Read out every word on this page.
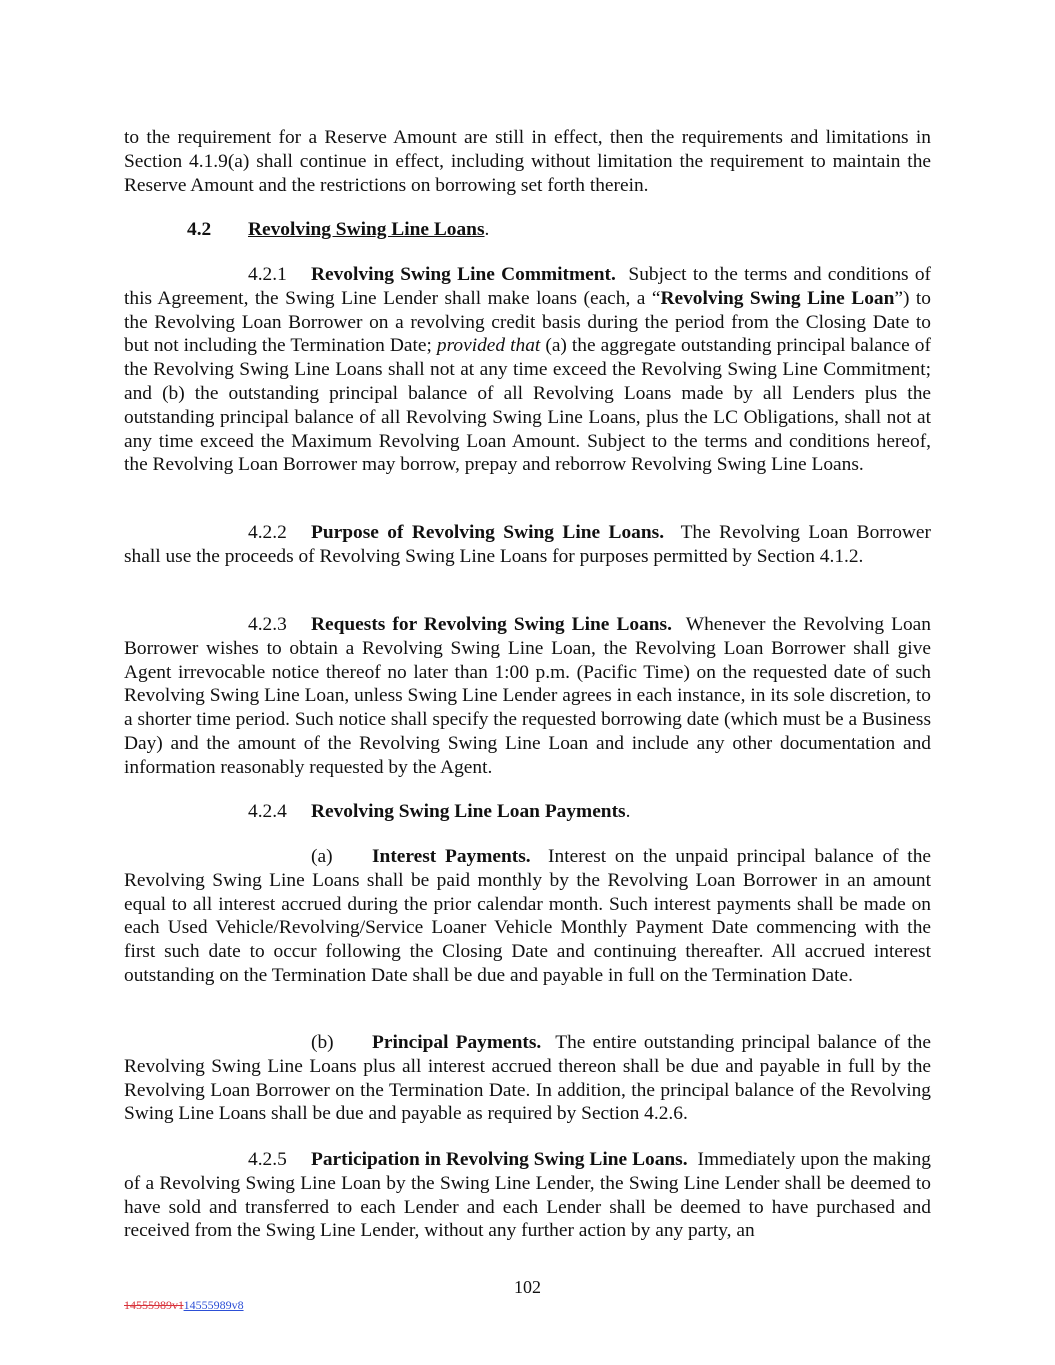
to the requirement for a Reserve Amount are still in effect, then the requirements and limitations in Section 4.1.9(a) shall continue in effect, including without limitation the requirement to maintain the Reserve Amount and the restrictions on borrowing set forth therein.

4.2 Revolving Swing Line Loans.

4.2.1 Revolving Swing Line Commitment. Subject to the terms and conditions of this Agreement, the Swing Line Lender shall make loans (each, a “Revolving Swing Line Loan”) to the Revolving Loan Borrower on a revolving credit basis during the period from the Closing Date to but not including the Termination Date; provided that (a) the aggregate outstanding principal balance of the Revolving Swing Line Loans shall not at any time exceed the Revolving Swing Line Commitment; and (b) the outstanding principal balance of all Revolving Loans made by all Lenders plus the outstanding principal balance of all Revolving Swing Line Loans, plus the LC Obligations, shall not at any time exceed the Maximum Revolving Loan Amount. Subject to the terms and conditions hereof, the Revolving Loan Borrower may borrow, prepay and reborrow Revolving Swing Line Loans.

4.2.2 Purpose of Revolving Swing Line Loans. The Revolving Loan Borrower shall use the proceeds of Revolving Swing Line Loans for purposes permitted by Section 4.1.2.

4.2.3 Requests for Revolving Swing Line Loans. Whenever the Revolving Loan Borrower wishes to obtain a Revolving Swing Line Loan, the Revolving Loan Borrower shall give Agent irrevocable notice thereof no later than 1:00 p.m. (Pacific Time) on the requested date of such Revolving Swing Line Loan, unless Swing Line Lender agrees in each instance, in its sole discretion, to a shorter time period. Such notice shall specify the requested borrowing date (which must be a Business Day) and the amount of the Revolving Swing Line Loan and include any other documentation and information reasonably requested by the Agent.

4.2.4 Revolving Swing Line Loan Payments.

(a) Interest Payments. Interest on the unpaid principal balance of the Revolving Swing Line Loans shall be paid monthly by the Revolving Loan Borrower in an amount equal to all interest accrued during the prior calendar month. Such interest payments shall be made on each Used Vehicle/Revolving/Service Loaner Vehicle Monthly Payment Date commencing with the first such date to occur following the Closing Date and continuing thereafter. All accrued interest outstanding on the Termination Date shall be due and payable in full on the Termination Date.

(b) Principal Payments. The entire outstanding principal balance of the Revolving Swing Line Loans plus all interest accrued thereon shall be due and payable in full by the Revolving Loan Borrower on the Termination Date. In addition, the principal balance of the Revolving Swing Line Loans shall be due and payable as required by Section 4.2.6.

4.2.5 Participation in Revolving Swing Line Loans. Immediately upon the making of a Revolving Swing Line Loan by the Swing Line Lender, the Swing Line Lender shall be deemed to have sold and transferred to each Lender and each Lender shall be deemed to have purchased and received from the Swing Line Lender, without any further action by any party, an

102
14555989v114555989v8
